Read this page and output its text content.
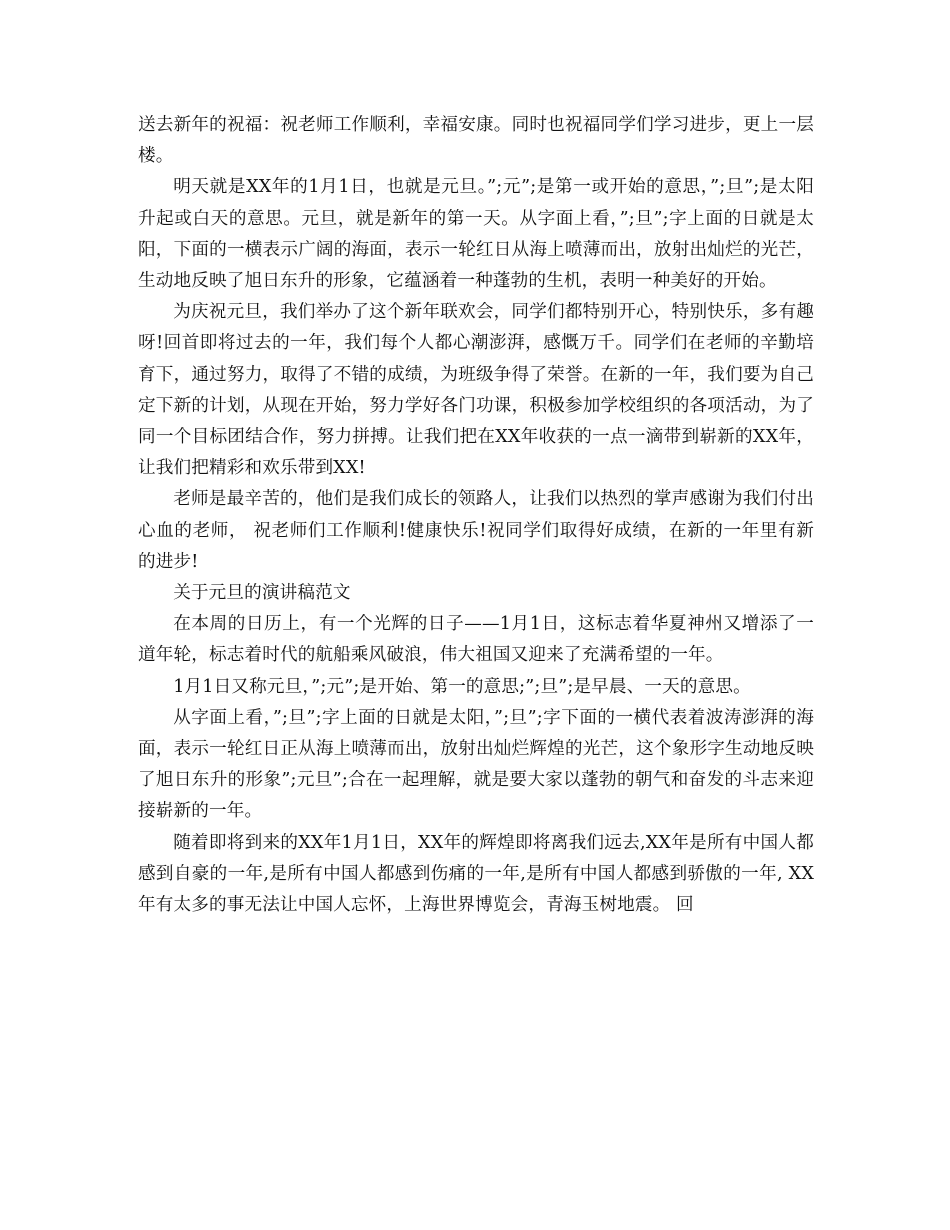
送去新年的祝福：祝老师工作顺利，幸福安康。同时也祝福同学们学习进步，更上一层楼。

明天就是XX年的1月1日，也就是元旦。”;元”;是第一或开始的意思，”;旦”;是太阳升起或白天的意思。元旦，就是新年的第一天。从字面上看，”;旦”;字上面的日就是太阳，下面的一横表示广阔的海面，表示一轮红日从海上喷薄而出，放射出灿烂的光芒，生动地反映了旭日东升的形象，它蕴涵着一种蓬勃的生机，表明一种美好的开始。

为庆祝元旦，我们举办了这个新年联欢会，同学们都特别开心，特别快乐，多有趣呀!回首即将过去的一年，我们每个人都心潮澎湃，感慨万千。同学们在老师的辛勤培育下，通过努力，取得了不错的成绩，为班级争得了荣誉。在新的一年，我们要为自己定下新的计划，从现在开始，努力学好各门功课，积极参加学校组织的各项活动，为了同一个目标团结合作，努力拼搏。让我们把在XX年收获的一点一滴带到崭新的XX年，让我们把精彩和欢乐带到XX!

老师是最辛苦的，他们是我们成长的领路人，让我们以热烈的掌声感谢为我们付出心血的老师， 祝老师们工作顺利!健康快乐!祝同学们取得好成绩，在新的一年里有新的进步!

关于元旦的演讲稿范文

在本周的日历上，有一个光辉的日子——1月1日，这标志着华夏神州又增添了一道年轮，标志着时代的航船乘风破浪，伟大祖国又迎来了充满希望的一年。

1月1日又称元旦，”;元”;是开始、第一的意思;”;旦”;是早晨、一天的意思。

从字面上看，”;旦”;字上面的日就是太阳，”;旦”;字下面的一横代表着波涛澎湃的海面，表示一轮红日正从海上喷薄而出，放射出灿烂辉煌的光芒，这个象形字生动地反映了旭日东升的形象”;元旦”;合在一起理解，就是要大家以蓬勃的朝气和奋发的斗志来迎接崭新的一年。

随着即将到来的XX年1月1日，XX年的辉煌即将离我们远去,XX年是所有中国人都感到自豪的一年,是所有中国人都感到伤痛的一年,是所有中国人都感到骄傲的一年, XX年有太多的事无法让中国人忘怀，上海世界博览会，青海玉树地震。 回
